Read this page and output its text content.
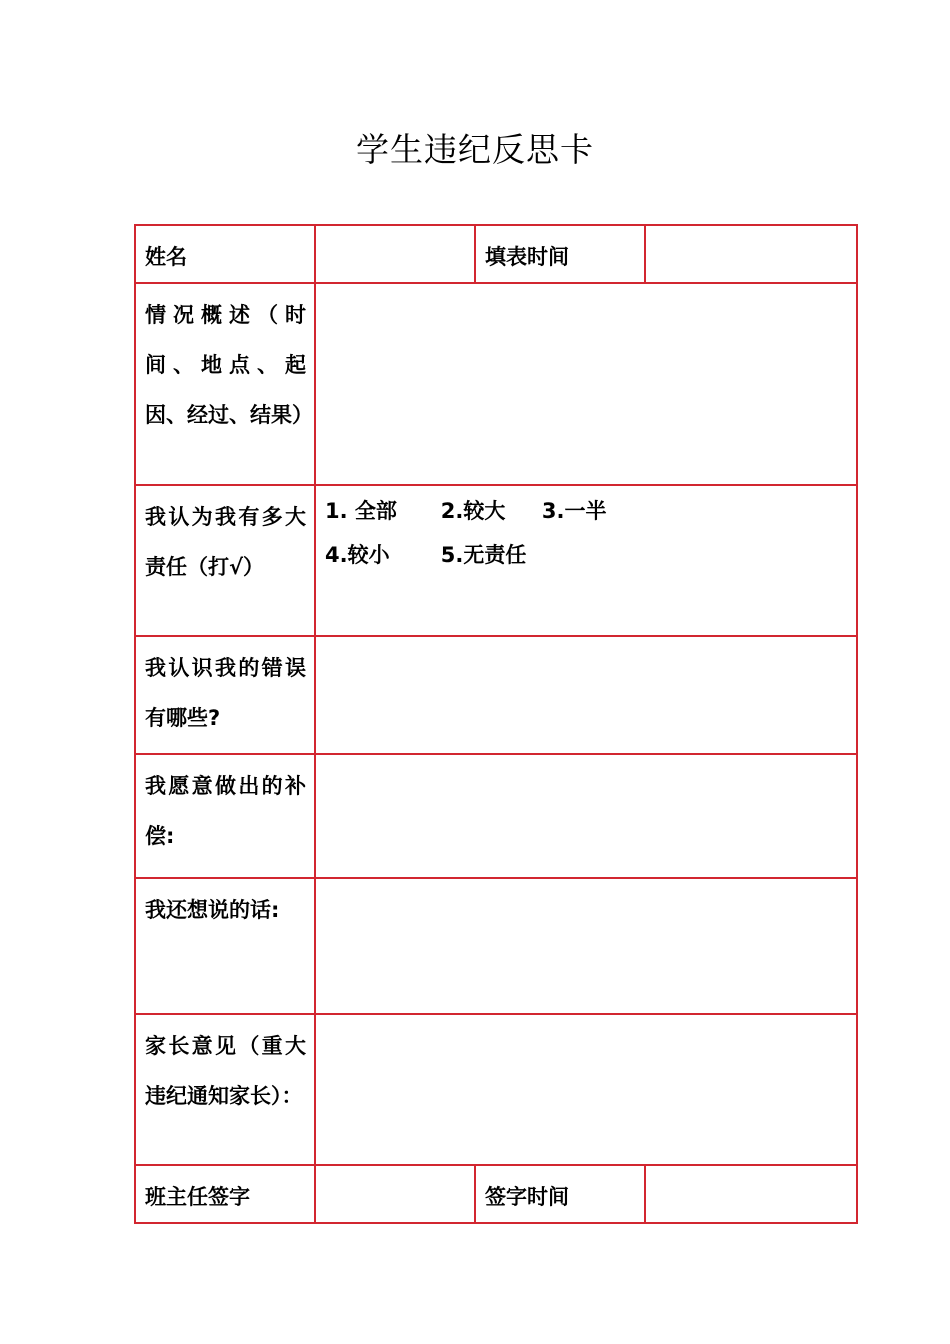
学生违纪反思卡
姓名		填表时间	
情况概述（时间、地点、起因、经过、结果）			
我认为我有多大责任（打√）	1. 全部      2.较大     3.一半
4.较小       5.无责任		

我认识我的错误有哪些?			
我愿意做出的补偿:			
我还想说的话:			
家长意见（重大违纪通知家长）：			
班主任签字		签字时间	
